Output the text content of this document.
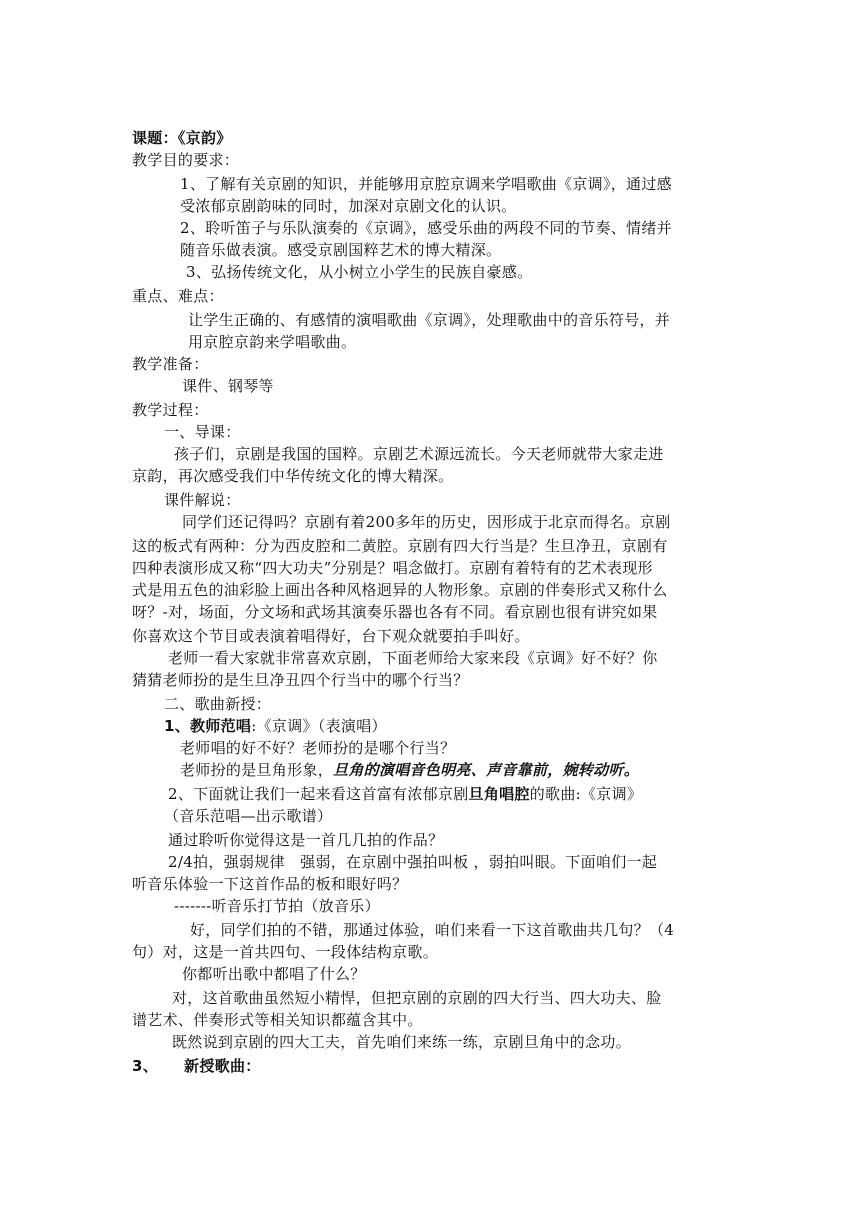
课题：《京韵》
教学目的要求：
1、了解有关京剧的知识，并能够用京腔京调来学唱歌曲《京调》，通过感
受浓郁京剧韵味的同时，加深对京剧文化的认识。
2、聆听笛子与乐队演奏的《京调》，感受乐曲的两段不同的节奏、情绪并
随音乐做表演。感受京剧国粹艺术的博大精深。
3、弘扬传统文化，从小树立小学生的民族自豪感。
重点、难点：
让学生正确的、有感情的演唱歌曲《京调》，处理歌曲中的音乐符号，并
用京腔京韵来学唱歌曲。
教学准备：
课件、钢琴等
教学过程：
一、导课：
孩子们，京剧是我国的国粹。京剧艺术源远流长。今天老师就带大家走进
京韵，再次感受我们中华传统文化的博大精深。
课件解说：
同学们还记得吗？京剧有着200多年的历史，因形成于北京而得名。京剧
这的板式有两种：分为西皮腔和二黄腔。京剧有四大行当是？生旦净丑，京剧有
四种表演形成又称“四大功夫”分别是？唱念做打。京剧有着特有的艺术表现形
式是用五色的油彩脸上画出各种风格迥异的人物形象。京剧的伴奏形式又称什么
呀？-对，场面，分文场和武场其演奏乐器也各有不同。看京剧也很有讲究如果
你喜欢这个节目或表演着唱得好，台下观众就要拍手叫好。
老师一看大家就非常喜欢京剧，下面老师给大家来段《京调》好不好？你
猜猜老师扮的是生旦净丑四个行当中的哪个行当？
二、歌曲新授：
1、教师范唱:《京调》（表演唱）
老师唱的好不好？老师扮的是哪个行当？
老师扮的是旦角形象，旦角的演唱音色明亮、声音靠前，婉转动听。
2、下面就让我们一起来看这首富有浓郁京剧旦角唱腔的歌曲:《京调》
（音乐范唱—出示歌谱）
通过聆听你觉得这是一首几几拍的作品？
2/4拍，强弱规律　强弱，在京剧中强拍叫板 ，弱拍叫眼。下面咱们一起
听音乐体验一下这首作品的板和眼好吗？
-------听音乐打节拍（放音乐）
好，同学们拍的不错，那通过体验，咱们来看一下这首歌曲共几句？（4
句）对，这是一首共四句、一段体结构京歌。
你都听出歌中都唱了什么？
对，这首歌曲虽然短小精悍，但把京剧的京剧的四大行当、四大功夫、脸
谱艺术、伴奏形式等相关知识都蕴含其中。
既然说到京剧的四大工夫，首先咱们来练一练，京剧旦角中的念功。
3、 新授歌曲：
